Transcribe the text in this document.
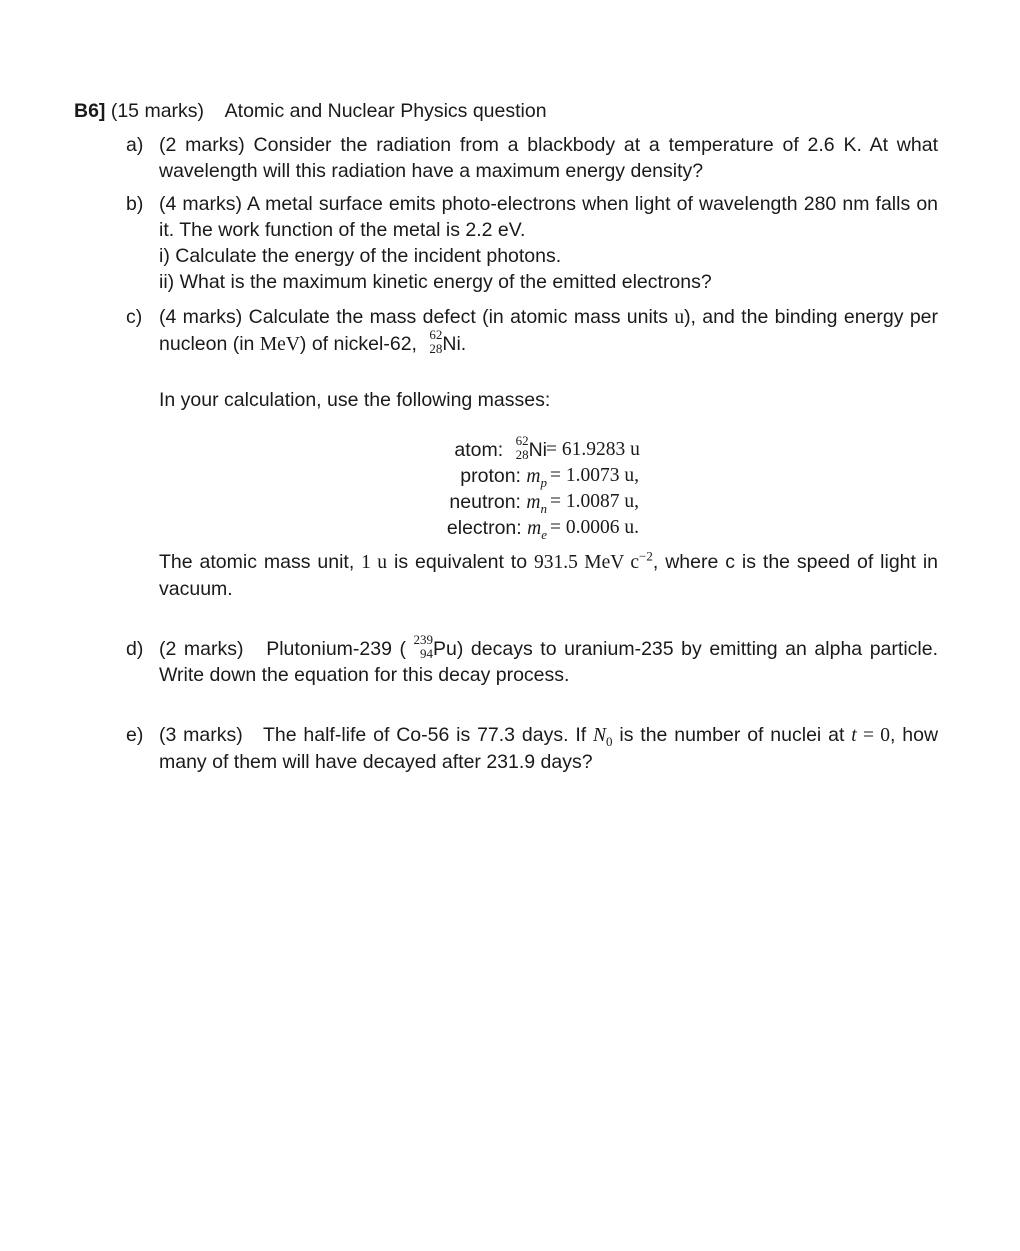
B6] (15 marks) Atomic and Nuclear Physics question
a) (2 marks) Consider the radiation from a blackbody at a temperature of 2.6 K. At what wavelength will this radiation have a maximum energy density?
b) (4 marks) A metal surface emits photo-electrons when light of wavelength 280 nm falls on it. The work function of the metal is 2.2 eV.
i) Calculate the energy of the incident photons.
ii) What is the maximum kinetic energy of the emitted electrons?
c) (4 marks) Calculate the mass defect (in atomic mass units u), and the binding energy per nucleon (in MeV) of nickel-62, 62
28 Ni.
In your calculation, use the following masses:
atom: 62
28 Ni = 61.9283 u
proton: $m_p = 1.0073$ u,
neutron: $m_n = 1.0087$ u,
electron: $m_e = 0.0006$ u.
The atomic mass unit, 1 u is equivalent to 931.5 MeV $c^{-2}$, where c is the speed of light in vacuum.
d) (2 marks) Plutonium-239 ( 239
94 Pu) decays to uranium-235 by emitting an alpha particle. Write down the equation for this decay process.
e) (3 marks) The half-life of Co-56 is 77.3 days. If $N_0$ is the number of nuclei at t = 0, how many of them will have decayed after 231.9 days?
